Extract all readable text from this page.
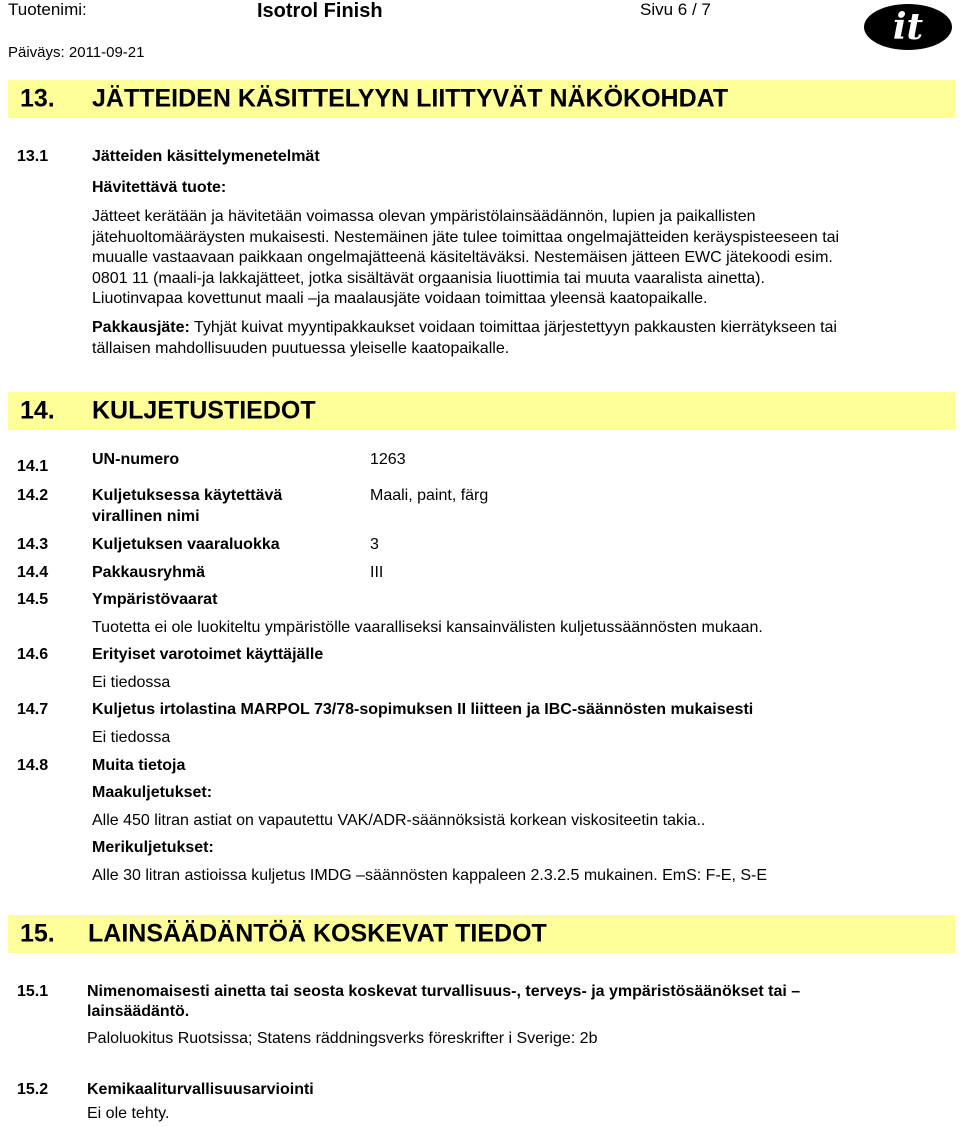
Tuotenimi:	Isotrol Finish	Sivu 6 / 7
Päiväys: 2011-09-21
it
13. JÄTTEIDEN KÄSITTELYYN LIITTYVÄT NÄKÖKOHDAT
13.1	Jätteiden käsittelymenetelmät
Hävitettävä tuote:

Jätteet kerätään ja hävitetään voimassa olevan ympäristölainsäädännön, lupien ja paikallisten

jätehuoltomääräysten mukaisesti. Nestemäinen jäte tulee toimittaa ongelmajätteiden keräyspisteeseen tai

muualle vastaavaan paikkaan ongelmajätteenä käsiteltäväksi. Nestemäisen jätteen EWC jätekoodi esim.

0801 11 (maali-ja lakkajätteet, jotka sisältävät orgaanisia liuottimia tai muuta vaaralista ainetta).

Liuotinvapaa kovettunut maali –ja maalausjäte voidaan toimittaa yleensä kaatopaikalle.

Pakkausjäte: Tyhjät kuivat myyntipakkaukset voidaan toimittaa järjestettyyn pakkausten kierrätykseen tai

tällaisen mahdollisuuden puutuessa yleiselle kaatopaikalle.

14. KULJETUSTIEDOT
14.1	UN-numero	1263
14.2	Kuljetuksessa käytettävä
virallinen nimi
Maali, paint, färg
14.3	Kuljetuksen vaaraluokka	3
14.4	Pakkausryhmä	III
14.5	Ympäristövaarat
Tuotetta ei ole luokiteltu ympäristölle vaaralliseksi kansainvälisten kuljetussäännösten mukaan.
14.6	Erityiset varotoimet käyttäjälle
Ei tiedossa
14.7	Kuljetus irtolastina MARPOL 73/78-sopimuksen II liitteen ja IBC-säännösten mukaisesti
Ei tiedossa
14.8	Muita tietoja
Maakuljetukset:
Alle 450 litran astiat on vapautettu VAK/ADR-säännöksistä korkean viskositeetin takia..
Merikuljetukset:
Alle 30 litran astioissa kuljetus IMDG –säännösten kappaleen 2.3.2.5 mukainen. EmS: F-E, S-E
15. LAINSÄÄDÄNTÖÄ KOSKEVAT TIEDOT
15.1 Nimenomaisesti ainetta tai seosta koskevat turvallisuus-, terveys- ja ympäristösäänökset tai –
lainsäädäntö.
Paloluokitus Ruotsissa; Statens räddningsverks föreskrifter i Sverige: 2b
15.2 Kemikaaliturvallisuusarviointi
Ei ole tehty.
